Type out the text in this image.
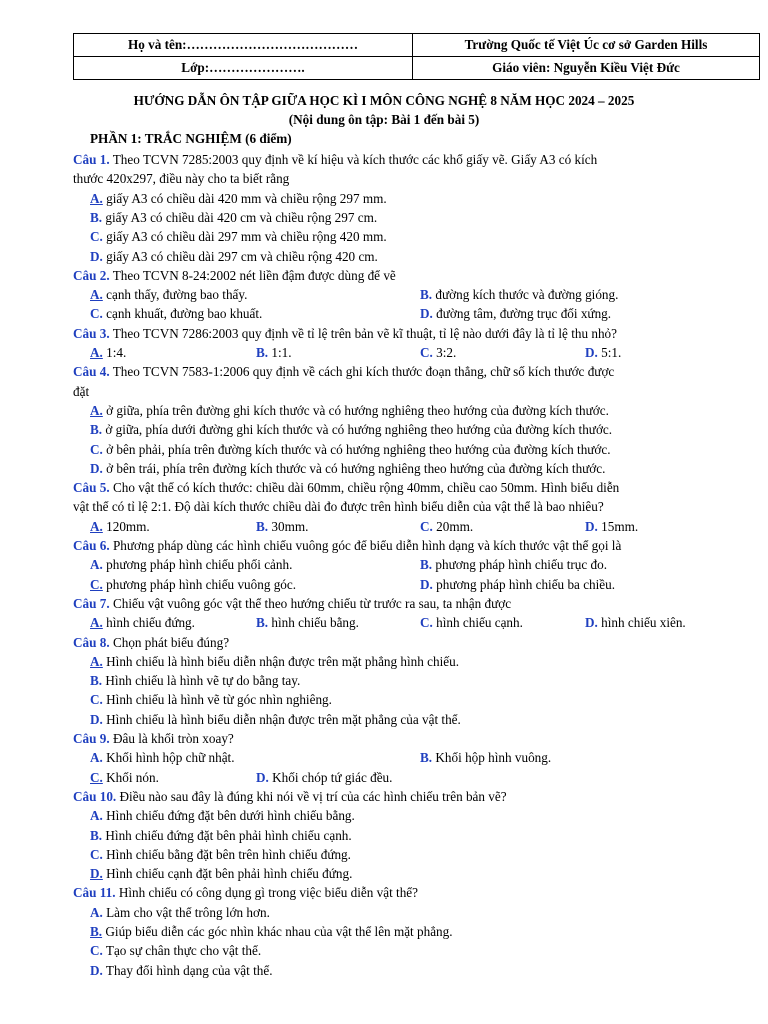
Họ và tên:…………………………………	Trường Quốc tế Việt Úc cơ sở Garden Hills
Lớp:………………….	Giáo viên: Nguyễn Kiều Việt Đức
HƯỚNG DẪN ÔN TẬP GIỮA HỌC KÌ I MÔN CÔNG NGHỆ 8 NĂM HỌC 2024 – 2025
(Nội dung ôn tập: Bài 1 đến bài 5)
PHẦN 1: TRẮC NGHIỆM (6 điểm)
Câu 1. Theo TCVN 7285:2003 quy định về kí hiệu và kích thước các khổ giấy vẽ. Giấy A3 có kích
thước 420x297, điều này cho ta biết rằng
A. giấy A3 có chiều dài 420 mm và chiều rộng 297 mm.
B. giấy A3 có chiều dài 420 cm và chiều rộng 297 cm.
C. giấy A3 có chiều dài 297 mm và chiều rộng 420 mm.
D. giấy A3 có chiều dài 297 cm và chiều rộng 420 cm.
Câu 2. Theo TCVN 8-24:2002 nét liền đậm được dùng để vẽ
A. cạnh thấy, đường bao thấy.	B. đường kích thước và đường gióng.
C. cạnh khuất, đường bao khuất.	D. đường tâm, đường trục đối xứng.
Câu 3. Theo TCVN 7286:2003 quy định về tỉ lệ trên bản vẽ kĩ thuật, tỉ lệ nào dưới đây là tỉ lệ thu nhỏ?
A. 1:4.	B. 1:1.	C. 3:2.	D. 5:1.
Câu 4. Theo TCVN 7583-1:2006 quy định về cách ghi kích thước đoạn thẳng, chữ số kích thước được
đặt
A. ở giữa, phía trên đường ghi kích thước và có hướng nghiêng theo hướng của đường kích thước.
B. ở giữa, phía dưới đường ghi kích thước và có hướng nghiêng theo hướng của đường kích thước.
C. ở bên phải, phía trên đường kích thước và có hướng nghiêng theo hướng của đường kích thước.
D. ở bên trái, phía trên đường kích thước và có hướng nghiêng theo hướng của đường kích thước.
Câu 5. Cho vật thể có kích thước: chiều dài 60mm, chiều rộng 40mm, chiều cao 50mm. Hình biểu diễn
vật thể có tỉ lệ 2:1. Độ dài kích thước chiều dài đo được trên hình biểu diễn của vật thể là bao nhiêu?
A. 120mm.	B. 30mm.	C. 20mm.	D. 15mm.
Câu 6. Phương pháp dùng các hình chiếu vuông góc để biểu diễn hình dạng và kích thước vật thể gọi là
A. phương pháp hình chiếu phối cảnh.	B. phương pháp hình chiếu trục đo.
C. phương pháp hình chiếu vuông góc.	D. phương pháp hình chiếu ba chiều.
Câu 7. Chiếu vật vuông góc vật thể theo hướng chiếu từ trước ra sau, ta nhận được
A. hình chiếu đứng.	B. hình chiếu bằng.	C. hình chiếu cạnh.	D. hình chiếu xiên.
Câu 8. Chọn phát biểu đúng?
A. Hình chiếu là hình biểu diễn nhận được trên mặt phẳng hình chiếu.
B. Hình chiếu là hình vẽ tự do bằng tay.
C. Hình chiếu là hình vẽ từ góc nhìn nghiêng.
D. Hình chiếu là hình biểu diễn nhận được trên mặt phẳng của vật thể.
Câu 9. Đâu là khối tròn xoay?
A. Khối hình hộp chữ nhật.	B. Khối hộp hình vuông.
C. Khối nón.	D. Khối chóp tứ giác đều.
Câu 10. Điều nào sau đây là đúng khi nói về vị trí của các hình chiếu trên bản vẽ?
A. Hình chiếu đứng đặt bên dưới hình chiếu bằng.
B. Hình chiếu đứng đặt bên phải hình chiếu cạnh.
C. Hình chiếu bằng đặt bên trên hình chiếu đứng.
D. Hình chiếu cạnh đặt bên phải hình chiếu đứng.
Câu 11. Hình chiếu có công dụng gì trong việc biểu diễn vật thể?
A. Làm cho vật thể trông lớn hơn.
B. Giúp biểu diễn các góc nhìn khác nhau của vật thể lên mặt phẳng.
C. Tạo sự chân thực cho vật thể.
D. Thay đổi hình dạng của vật thể.
